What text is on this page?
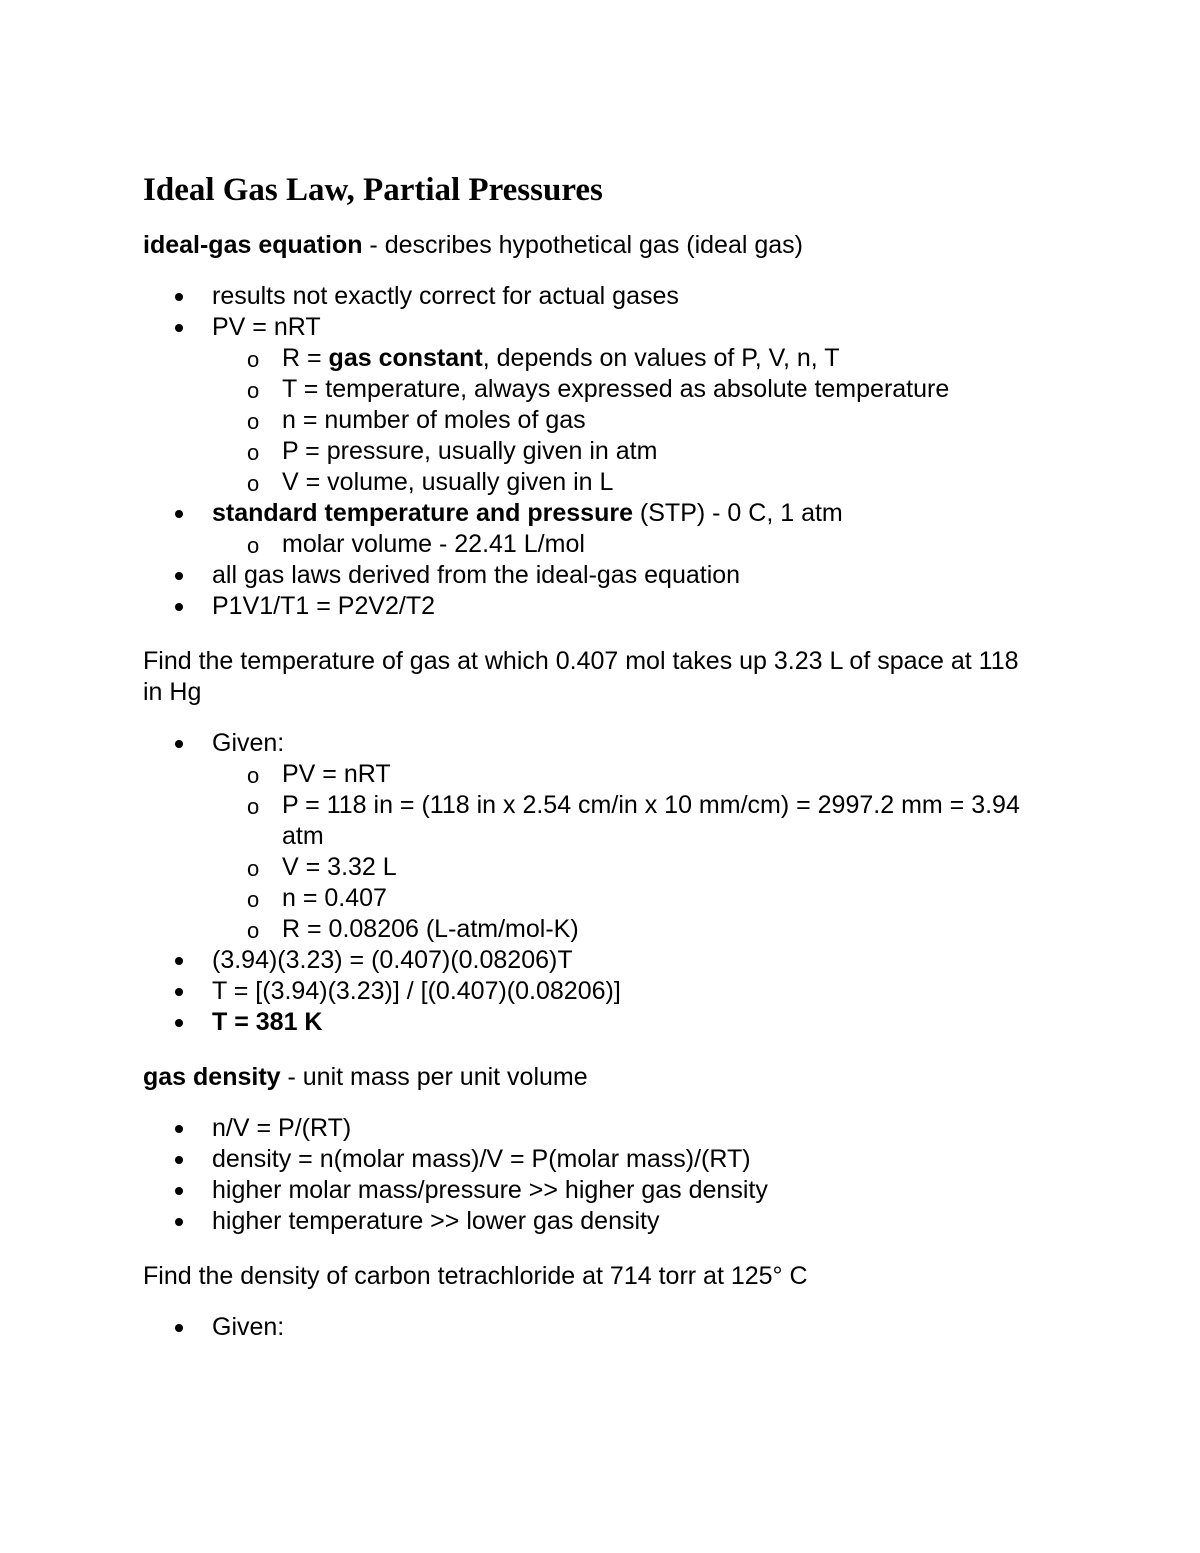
Ideal Gas Law, Partial Pressures

ideal-gas equation - describes hypothetical gas (ideal gas)

results not exactly correct for actual gases
PV = nRT
o R = gas constant, depends on values of P, V, n, T
o T = temperature, always expressed as absolute temperature
o n = number of moles of gas
o P = pressure, usually given in atm
o V = volume, usually given in L
standard temperature and pressure (STP) - 0 C, 1 atm
o molar volume - 22.41 L/mol
all gas laws derived from the ideal-gas equation
P1V1/T1 = P2V2/T2

Find the temperature of gas at which 0.407 mol takes up 3.23 L of space at 118 in Hg

Given:
o PV = nRT
o P = 118 in = (118 in x 2.54 cm/in x 10 mm/cm) = 2997.2 mm = 3.94 atm
o V = 3.32 L
o n = 0.407
o R = 0.08206 (L-atm/mol-K)
(3.94)(3.23) = (0.407)(0.08206)T
T = [(3.94)(3.23)] / [(0.407)(0.08206)]
T = 381 K

gas density - unit mass per unit volume

n/V = P/(RT)
density = n(molar mass)/V = P(molar mass)/(RT)
higher molar mass/pressure >> higher gas density
higher temperature >> lower gas density

Find the density of carbon tetrachloride at 714 torr at 125° C

Given:
